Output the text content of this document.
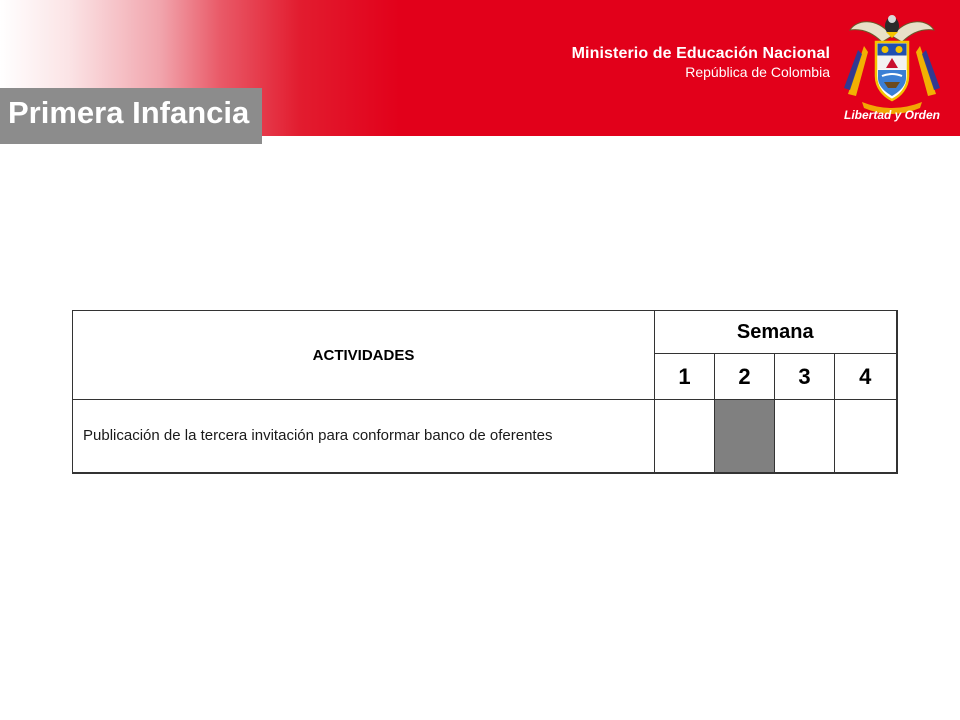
Ministerio de Educación Nacional
República de Colombia
Libertad y Orden
Primera Infancia
ACTIVIDADES	Semana			
	1	2	3	4
Publicación de la tercera invitación para conformar banco de oferentes				
